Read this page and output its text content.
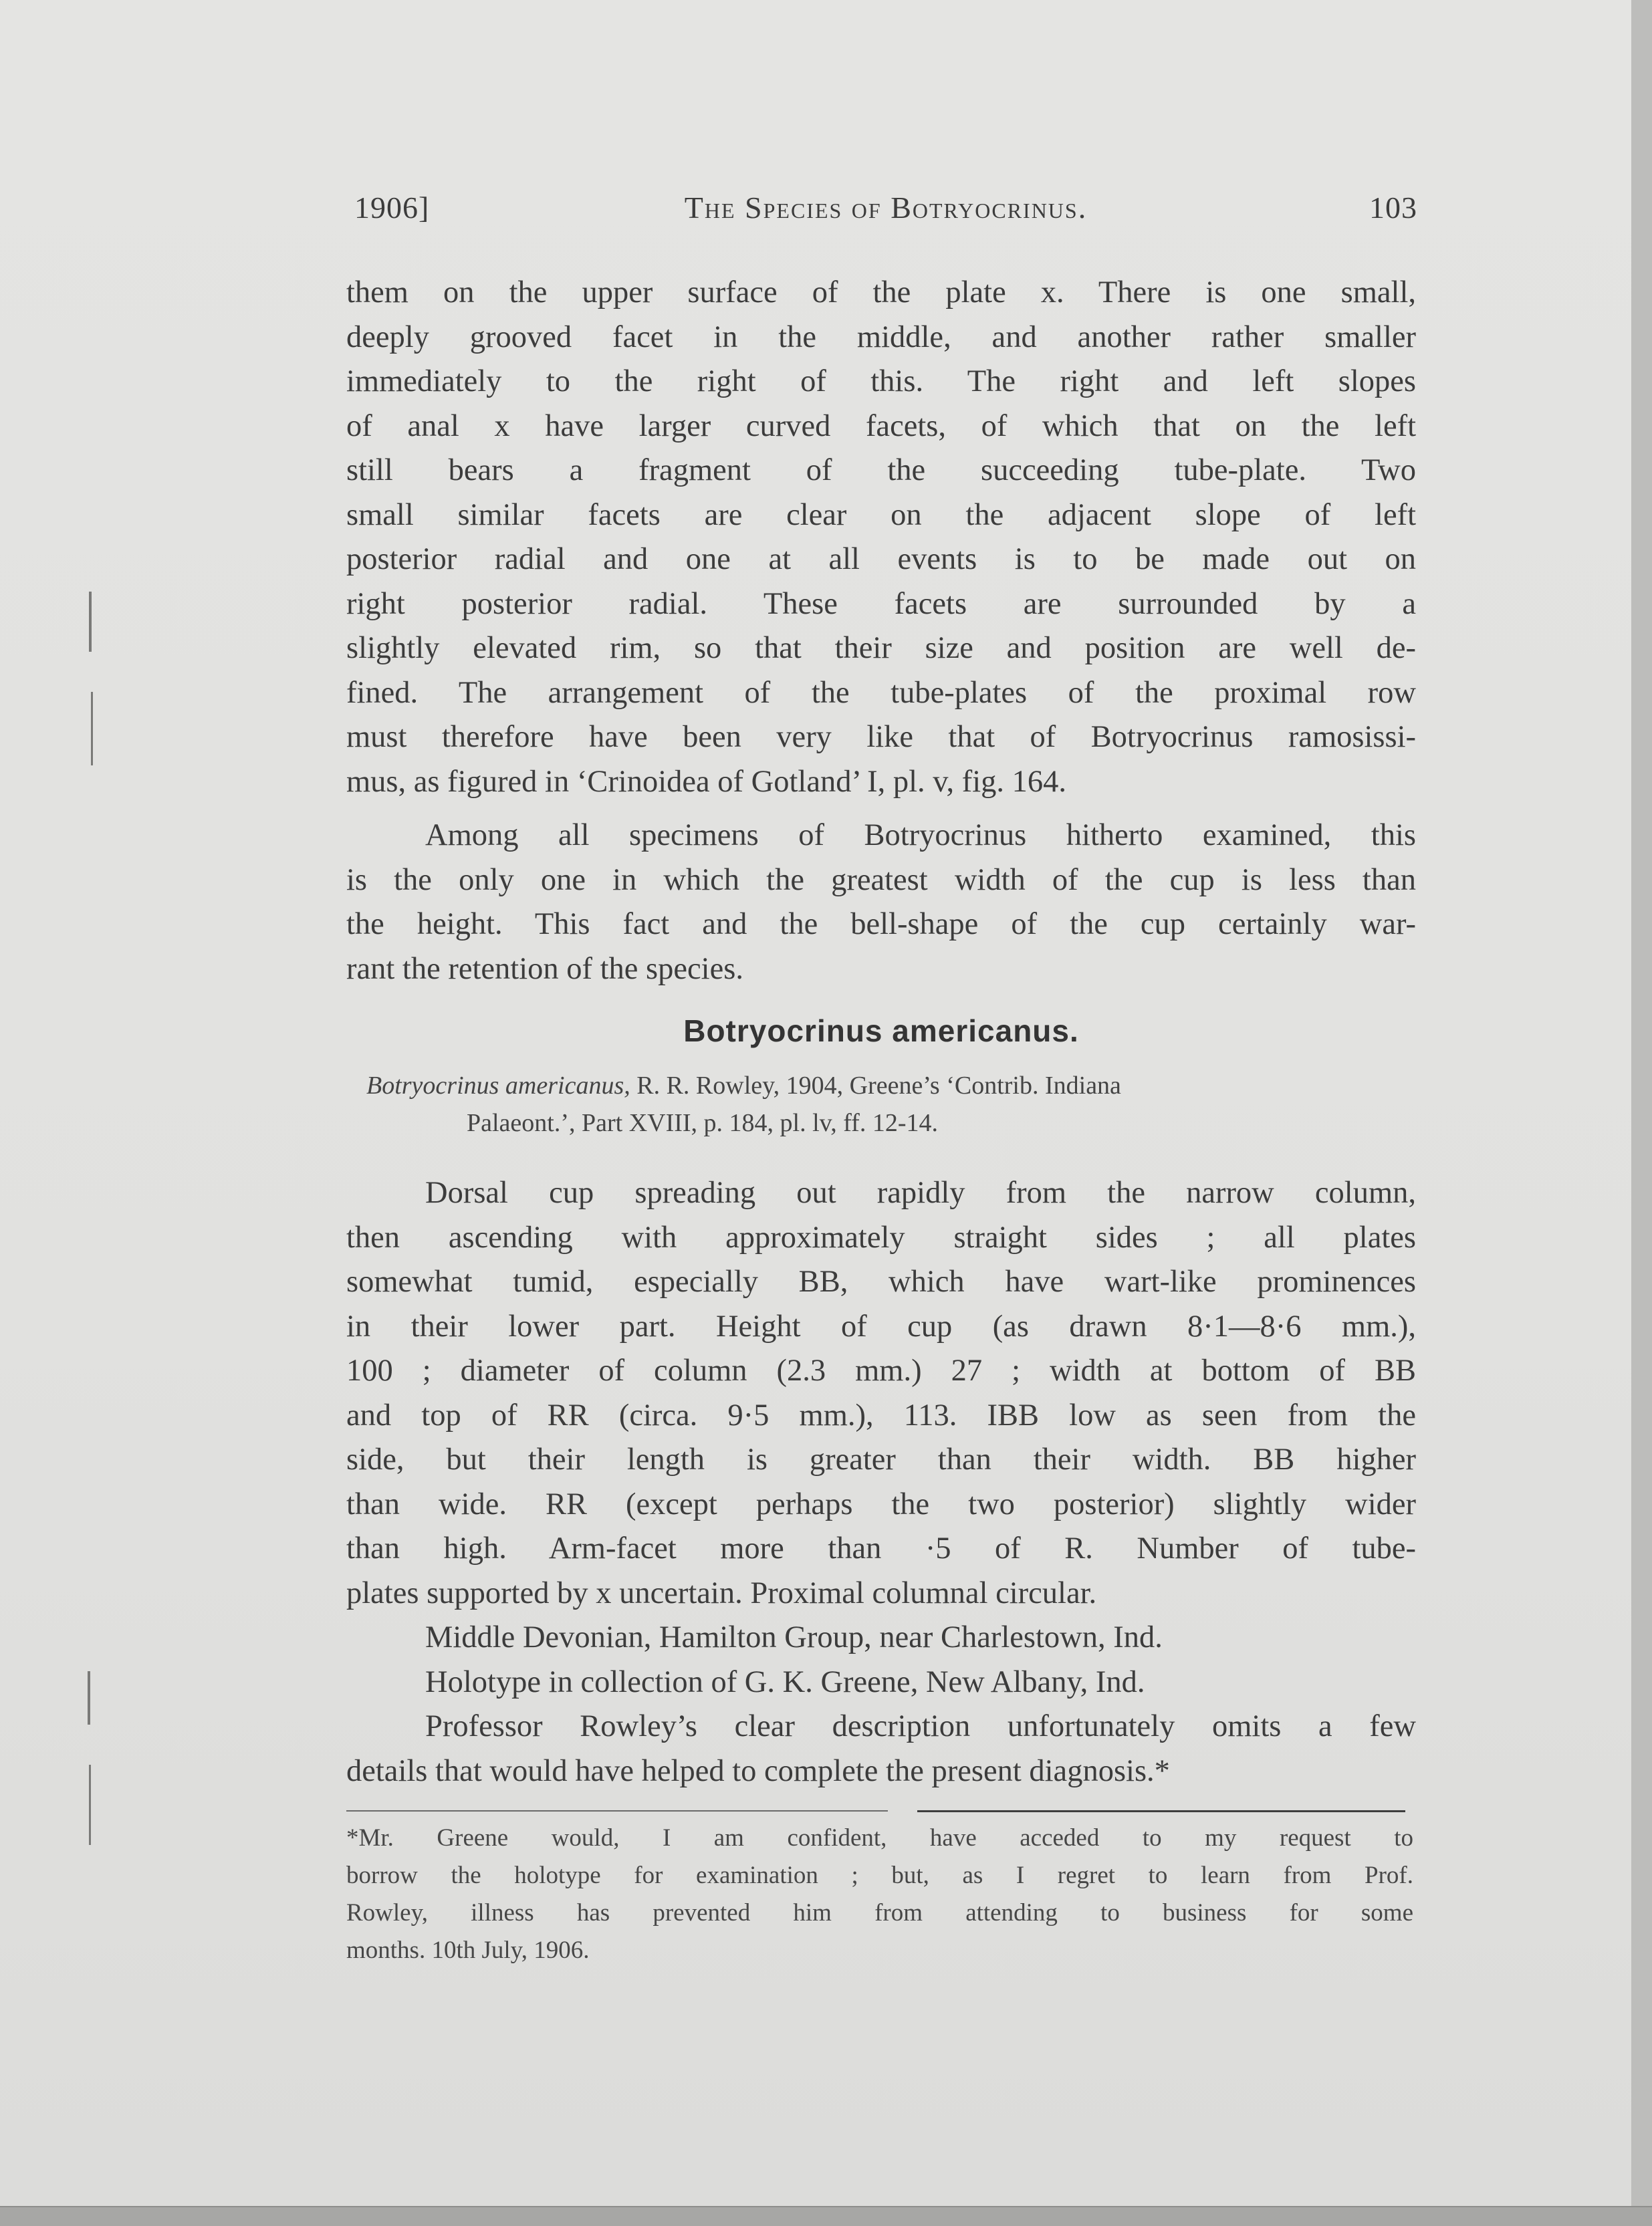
1906]	The Species of Botryocrinus.	103
them on the upper surface of the plate x. There is one small,
deeply grooved facet in the middle, and another rather smaller
immediately to the right of this. The right and left slopes
of anal x have larger curved facets, of which that on the left
still bears a fragment of the succeeding tube-plate. Two
small similar facets are clear on the adjacent slope of left
posterior radial and one at all events is to be made out on
right posterior radial. These facets are surrounded by a
slightly elevated rim, so that their size and position are well de-
fined. The arrangement of the tube-plates of the proximal row
must therefore have been very like that of Botryocrinus ramosissi-
mus, as figured in ‘Crinoidea of Gotland’ I, pl. v, fig. 164.
Among all specimens of Botryocrinus hitherto examined, this
is the only one in which the greatest width of the cup is less than
the height. This fact and the bell-shape of the cup certainly war-
rant the retention of the species.
Botryocrinus americanus.
Botryocrinus americanus, R. R. Rowley, 1904, Greene’s ‘Contrib. Indiana
Palaeont.’, Part XVIII, p. 184, pl. lv, ff. 12-14.
Dorsal cup spreading out rapidly from the narrow column,
then ascending with approximately straight sides ; all plates
somewhat tumid, especially BB, which have wart-like prominences
in their lower part. Height of cup (as drawn 8·1—8·6 mm.),
100 ; diameter of column (2.3 mm.) 27 ; width at bottom of BB
and top of RR (circa. 9·5 mm.), 113. IBB low as seen from the
side, but their length is greater than their width. BB higher
than wide. RR (except perhaps the two posterior) slightly wider
than high. Arm-facet more than ·5 of R. Number of tube-
plates supported by x uncertain. Proximal columnal circular.
Middle Devonian, Hamilton Group, near Charlestown, Ind.
Holotype in collection of G. K. Greene, New Albany, Ind.
Professor Rowley’s clear description unfortunately omits a few
details that would have helped to complete the present diagnosis.*
*Mr. Greene would, I am confident, have acceded to my request to
borrow the holotype for examination ; but, as I regret to learn from Prof.
Rowley, illness has prevented him from attending to business for some
months. 10th July, 1906.
